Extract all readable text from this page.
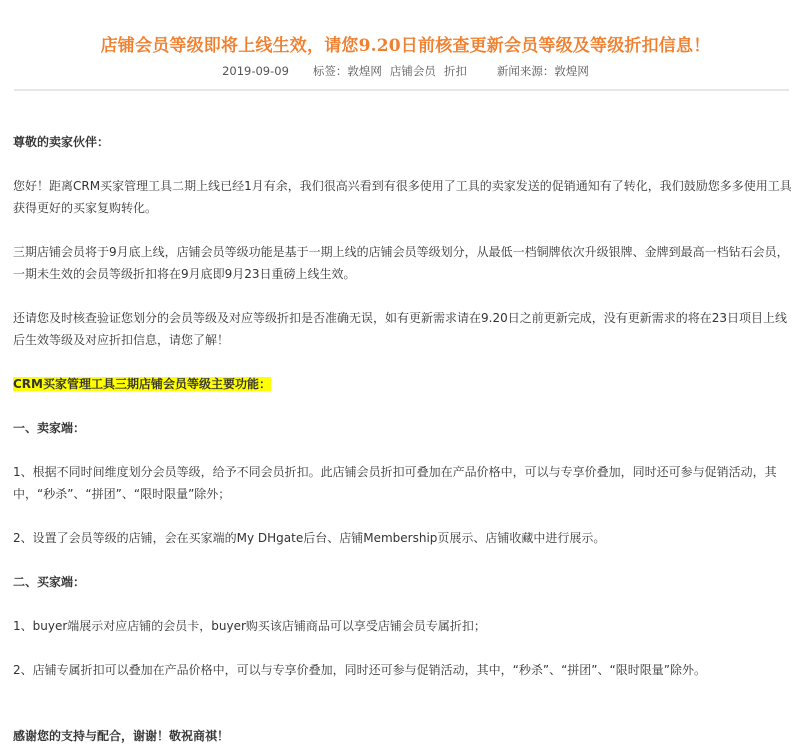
店铺会员等级即将上线生效，请您9.20日前核查更新会员等级及等级折扣信息！
2019-09-09 标签：敦煌网 店铺会员 折扣	新闻来源：敦煌网

尊敬的卖家伙伴：

您好！距离CRM买家管理工具二期上线已经1月有余，我们很高兴看到有很多使用了工具的卖家发送的促销通知有了转化，我们鼓励您多多使用工具获得更好的买家复购转化。

三期店铺会员将于9月底上线，店铺会员等级功能是基于一期上线的店铺会员等级划分，从最低一档铜牌依次升级银牌、金牌到最高一档钻石会员，一期未生效的会员等级折扣将在9月底即9月23日重磅上线生效。

还请您及时核查验证您划分的会员等级及对应等级折扣是否准确无误，如有更新需求请在9.20日之前更新完成，没有更新需求的将在23日项目上线后生效等级及对应折扣信息，请您了解！

CRM买家管理工具三期店铺会员等级主要功能：

一、卖家端：

1、根据不同时间维度划分会员等级，给予不同会员折扣。此店铺会员折扣可叠加在产品价格中，可以与专享价叠加，同时还可参与促销活动，其中，“秒杀”、“拼团”、“限时限量”除外；

2、设置了会员等级的店铺，会在买家端的My DHgate后台、店铺Membership页展示、店铺收藏中进行展示。

二、买家端：

1、buyer端展示对应店铺的会员卡，buyer购买该店铺商品可以享受店铺会员专属折扣；

2、店铺专属折扣可以叠加在产品价格中，可以与专享价叠加，同时还可参与促销活动，其中，“秒杀”、“拼团”、“限时限量”除外。

感谢您的支持与配合，谢谢！敬祝商祺！
